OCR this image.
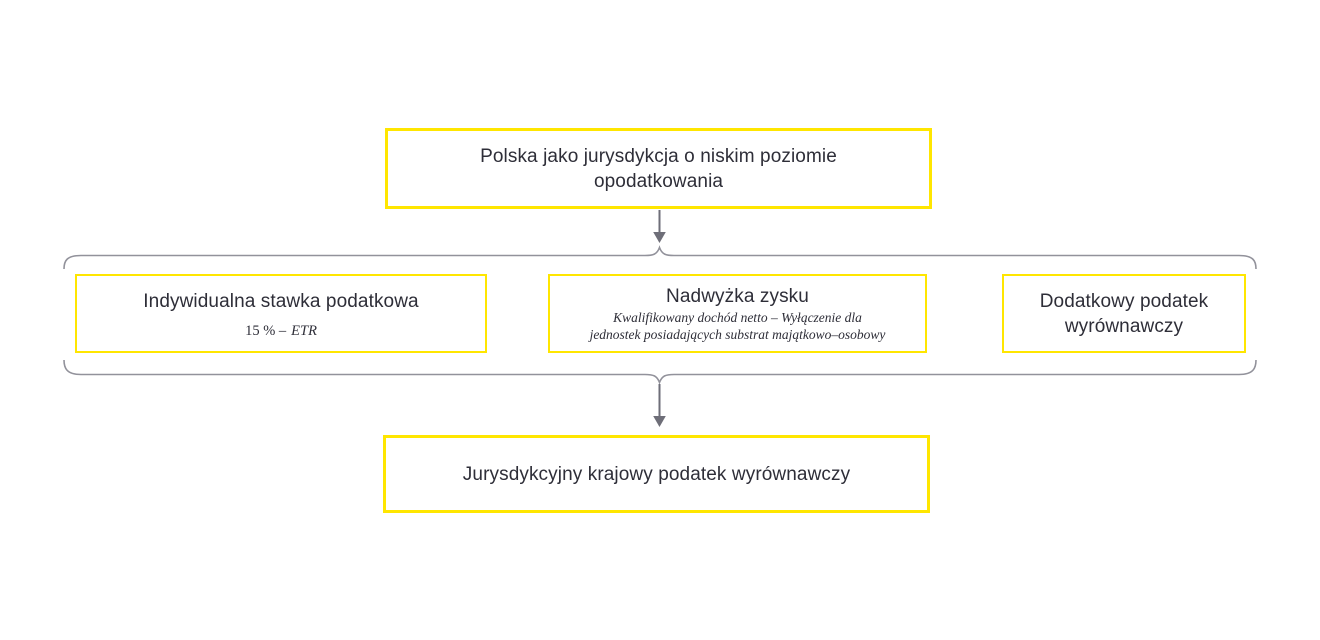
Polska jako jurysdykcja o niskim poziomie opodatkowania
Indywidualna stawka podatkowa
15 % – ETR
Nadwyżka zysku
Kwalifikowany dochód netto – Wyłączenie dla
jednostek posiadających substrat majątkowo–osobowy
Dodatkowy podatek wyrównawczy
Jurysdykcyjny krajowy podatek wyrównawczy
